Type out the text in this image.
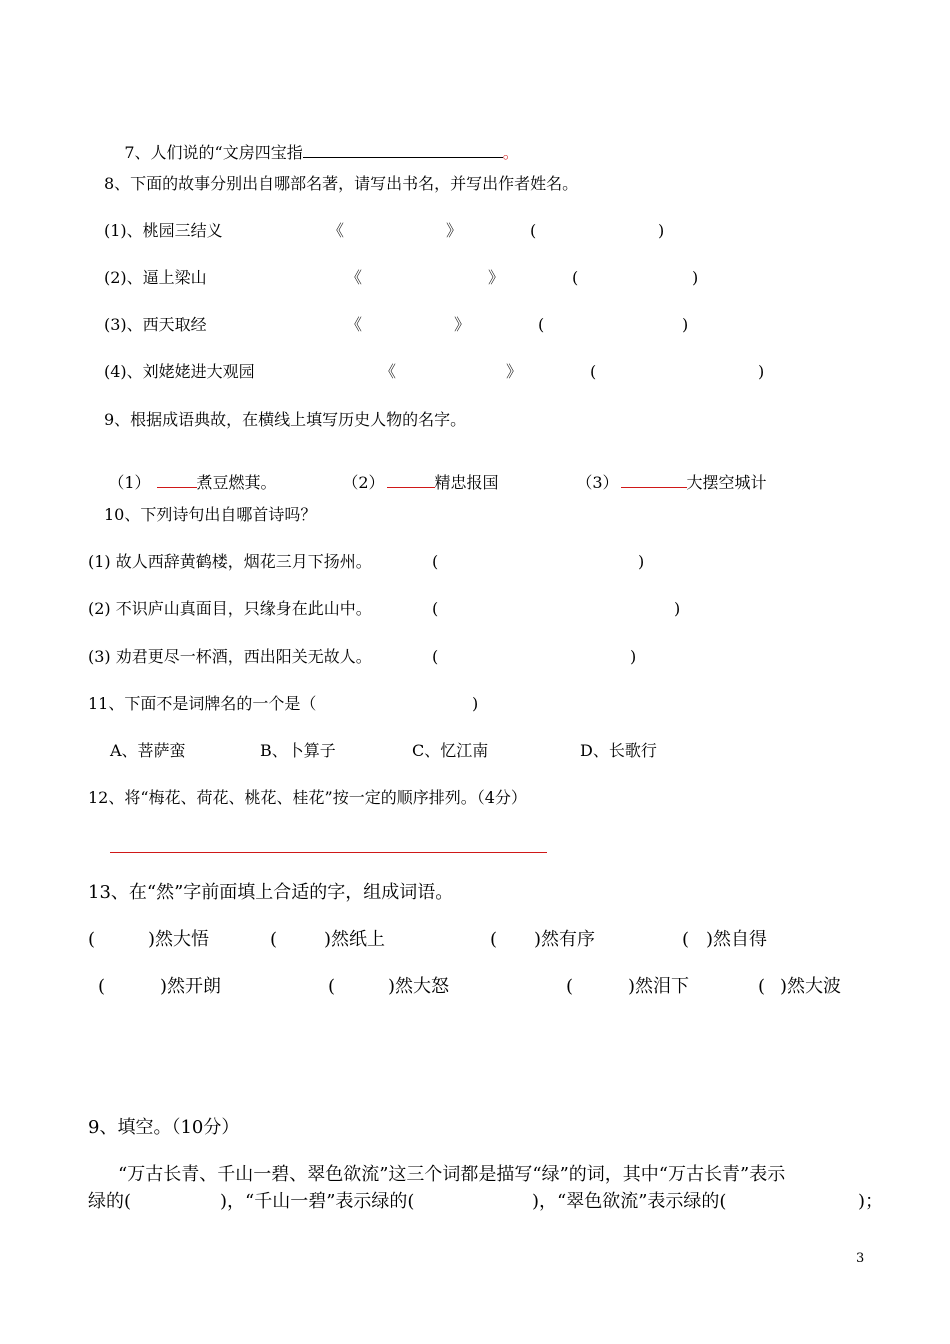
7、人们说的“文房四宝指	。

8、下面的故事分别出自哪部名著，请写出书名，并写出作者姓名。
(1)、桃园三结义	《	》	(	)
(2)、逼上梁山	《	》	(	)
(3)、西天取经	《	》	(	)
(4)、刘姥姥进大观园	《	》	(	)
9、根据成语典故，在横线上填写历史人物的名字。

（1）	煮豆燃萁。
	（2）	精忠报国
	（3）	大摆空城计

10、下列诗句出自哪首诗吗？
(1) 故人西辞黄鹤楼，烟花三月下扬州。	(	)
(2) 不识庐山真面目，只缘身在此山中。	(	)
(3) 劝君更尽一杯酒，西出阳关无故人。	(	)
11、下面不是词牌名的一个是（	)
A、菩萨蛮	B、卜算子	C、忆江南	D、长歌行
12、将“梅花、荷花、桃花、桂花”按一定的顺序排列。（4分）
13、在“然”字前面填上合适的字，组成词语。
(	)然大悟	(	)然纸上	( )然有序	( )然自得
(	)然开朗	(	)然大怒	(	)然泪下	( )然大波
9、填空。（10分）
“万古长青、千山一碧、翠色欲流”这三个词都是描写“绿”的词，其中“万古长青”表示
绿的(	)，“千山一碧”表示绿的(	)，“翠色欲流”表示绿的(	)；
3
